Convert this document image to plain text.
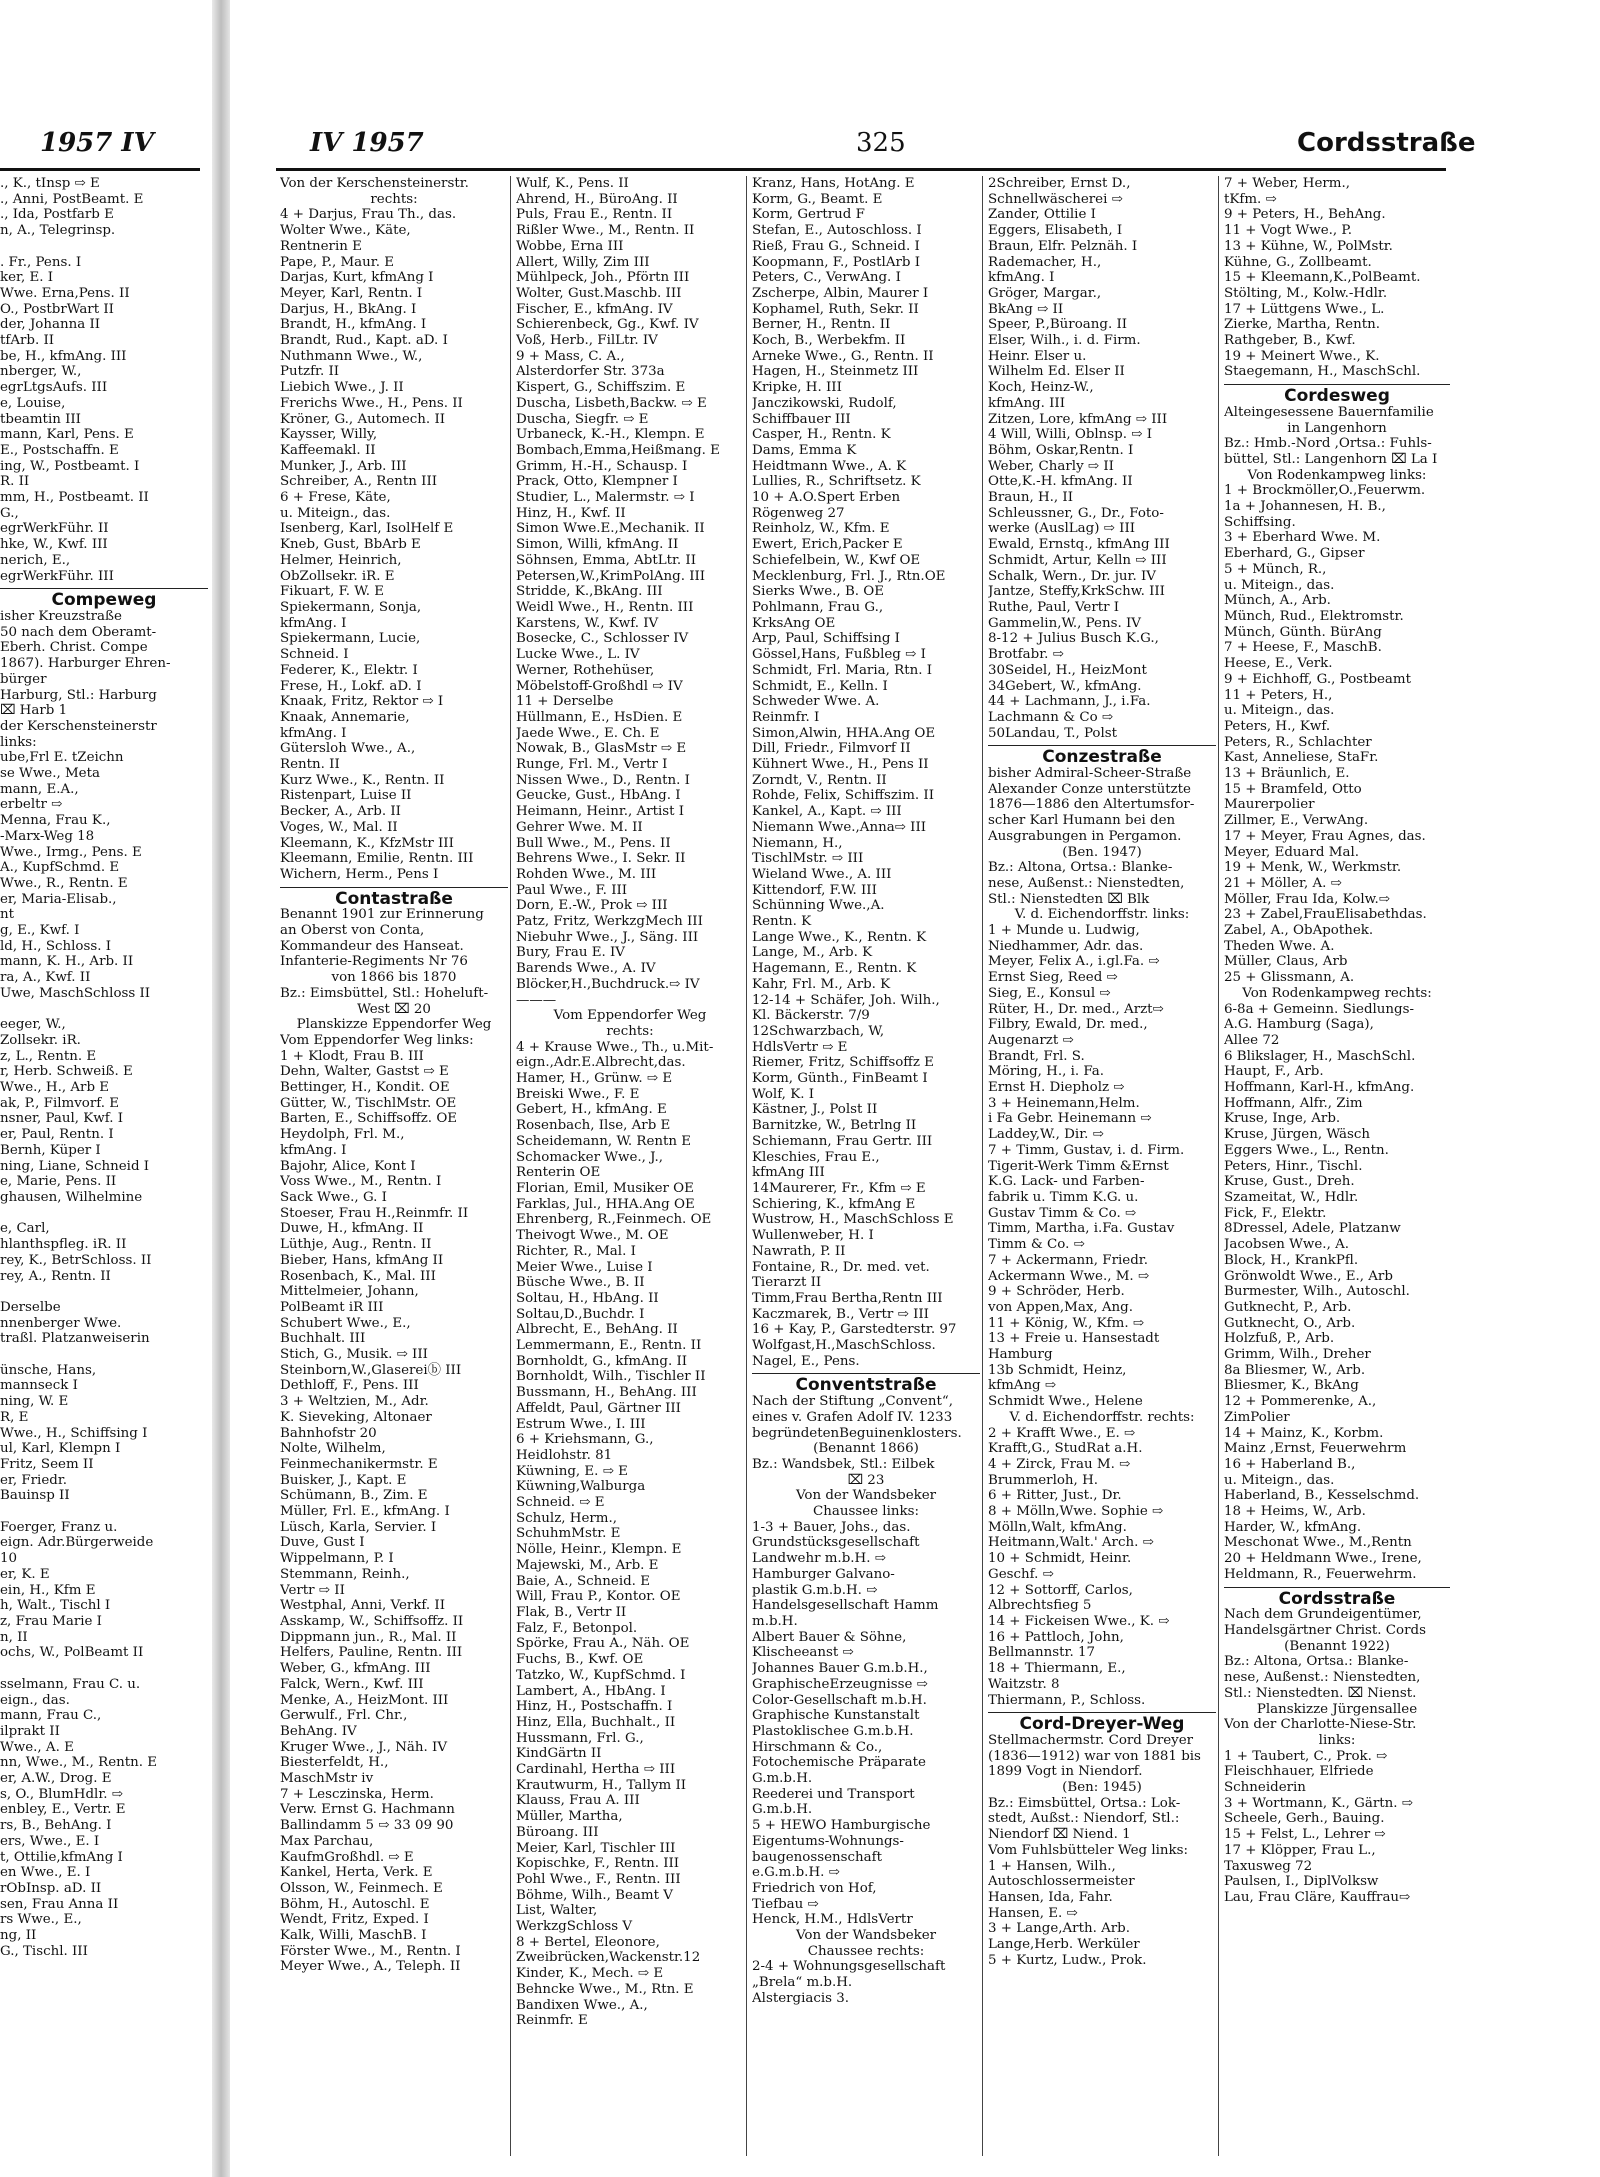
1957 IV
., K., tInsp ⇨ E
., Anni, PostBeamt. E
., Ida, Postfarb E
n, A., Telegrinsp.

. Fr., Pens. I
ker, E. I
Wwe. Erna,Pens. II
O., PostbrWart II
der, Johanna II
tfArb. II
be, H., kfmAng. III
nberger, W.,
egrLtgsAufs. III
e, Louise,
tbeamtin III
mann, Karl, Pens. E
E., Postschaffn. E
ing, W., Postbeamt. I
R. II
mm, H., Postbeamt. II
G.,
egrWerkFühr. II
hke, W., Kwf. III
nerich, E.,
egrWerkFühr. III
Compeweg
isher Kreuzstraße
50 nach dem Oberamt-
Eberh. Christ. Compe
1867). Harburger Ehren-
bürger
Harburg, Stl.: Harburg
⌧ Harb 1
der Kerschensteinerstr
links:
ube,Frl E. tZeichn
se Wwe., Meta
mann, E.A.,
erbeltr ⇨
Menna, Frau K.,
-Marx-Weg 18
Wwe., Irmg., Pens. E
A., KupfSchmd. E
Wwe., R., Rentn. E
er, Maria-Elisab.,
nt
g, E., Kwf. I
ld, H., Schloss. I
mann, K. H., Arb. II
ra, A., Kwf. II
Uwe, MaschSchloss II

eeger, W.,
Zollsekr. iR.
z, L., Rentn. E
r, Herb. Schweiß. E
Wwe., H., Arb E
ak, P., Filmvorf. E
nsner, Paul, Kwf. I
er, Paul, Rentn. I
Bernh, Küper I
ning, Liane, Schneid I
e, Marie, Pens. II
ghausen, Wilhelmine

e, Carl,
hlanthspfleg. iR. II
rey, K., BetrSchloss. II
rey, A., Rentn. II

Derselbe
nnenberger Wwe.
traßl. Platzanweiserin

ünsche, Hans,
mannseck I
ning, W. E
R, E
Wwe., H., Schiffsing I
ul, Karl, Klempn I
Fritz, Seem II
er, Friedr.
Bauinsp II

Foerger, Franz u.
eign. Adr.Bürgerweide
10
er, K. E
ein, H., Kfm E
h, Walt., Tischl I
z, Frau Marie I
n, II
ochs, W., PolBeamt II

sselmann, Frau C. u.
eign., das.
mann, Frau C.,
ilprakt II
Wwe., A. E
nn, Wwe., M., Rentn. E
er, A.W., Drog. E
s, O., BlumHdlr. ⇨
enbley, E., Vertr. E
rs, B., BehAng. I
ers, Wwe., E. I
t, Ottilie,kfmAng I
en Wwe., E. I
rObInsp. aD. II
sen, Frau Anna II
rs Wwe., E.,
ng, II
G., Tischl. III
IV 1957	325	Cordsstraße
Von der Kerschensteinerstr.
rechts:
4 + Darjus, Frau Th., das.
Wolter Wwe., Käte,
Rentnerin E
Pape, P., Maur. E
Darjas, Kurt, kfmAng I
Meyer, Karl, Rentn. I
Darjus, H., BkAng. I
Brandt, H., kfmAng. I
Brandt, Rud., Kapt. aD. I
Nuthmann Wwe., W.,
Putzfr. II
Liebich Wwe., J. II
Frerichs Wwe., H., Pens. II
Kröner, G., Automech. II
Kaysser, Willy,
Kaffeemakl. II
Munker, J., Arb. III
Schreiber, A., Rentn III
6 + Frese, Käte,
u. Miteign., das.
Isenberg, Karl, IsolHelf E
Kneb, Gust, BbArb E
Helmer, Heinrich,
ObZollsekr. iR. E
Fikuart, F. W. E
Spiekermann, Sonja,
kfmAng. I
Spiekermann, Lucie,
Schneid. I
Federer, K., Elektr. I
Frese, H., Lokf. aD. I
Knaak, Fritz, Rektor ⇨ I
Knaak, Annemarie,
kfmAng. I
Gütersloh Wwe., A.,
Rentn. II
Kurz Wwe., K., Rentn. II
Ristenpart, Luise II
Becker, A., Arb. II
Voges, W., Mal. II
Kleemann, K., KfzMstr III
Kleemann, Emilie, Rentn. III
Wichern, Herm., Pens I
Contastraße
Benannt 1901 zur Erinnerung
an Oberst von Conta,
Kommandeur des Hanseat.
Infanterie-Regiments Nr 76
von 1866 bis 1870
Bz.: Eimsbüttel, Stl.: Hoheluft-
West ⌧ 20
Planskizze Eppendorfer Weg
Vom Eppendorfer Weg links:
1 + Klodt, Frau B. III
Dehn, Walter, Gastst ⇨ E
Bettinger, H., Kondit. OE
Gütter, W., TischlMstr. OE
Barten, E., Schiffsoffz. OE
Heydolph, Frl. M.,
kfmAng. I
Bajohr, Alice, Kont I
Voss Wwe., M., Rentn. I
Sack Wwe., G. I
Stoeser, Frau H.,Reinmfr. II
Duwe, H., kfmAng. II
Lüthje, Aug., Rentn. II
Bieber, Hans, kfmAng II
Rosenbach, K., Mal. III
Mittelmeier, Johann,
PolBeamt iR III
Schubert Wwe., E.,
Buchhalt. III
Stich, G., Musik. ⇨ III
Steinborn,W.,Glasereiⓑ III
Dethloff, F., Pens. III
3 + Weltzien, M., Adr.
K. Sieveking, Altonaer
Bahnhofstr 20
Nolte, Wilhelm,
Feinmechanikermstr. E
Buisker, J., Kapt. E
Schümann, B., Zim. E
Müller, Frl. E., kfmAng. I
Lüsch, Karla, Servier. I
Duve, Gust I
Wippelmann, P. I
Stemmann, Reinh.,
Vertr ⇨ II
Westphal, Anni, Verkf. II
Asskamp, W., Schiffsoffz. II
Dippmann jun., R., Mal. II
Helfers, Pauline, Rentn. III
Weber, G., kfmAng. III
Falck, Wern., Kwf. III
Menke, A., HeizMont. III
Gerwulf., Frl. Chr.,
BehAng. IV
Kruger Wwe., J., Näh. IV
Biesterfeldt, H.,
MaschMstr iv
7 + Lesczinska, Herm.
Verw. Ernst G. Hachmann
Ballindamm 5 ⇨ 33 09 90
Max Parchau,
KaufmGroßhdl. ⇨ E
Kankel, Herta, Verk. E
Olsson, W., Feinmech. E
Böhm, H., Autoschl. E
Wendt, Fritz, Exped. I
Kalk, Willi, MaschB. I
Förster Wwe., M., Rentn. I
Meyer Wwe., A., Teleph. II
Wulf, K., Pens. II
Ahrend, H., BüroAng. II
Puls, Frau E., Rentn. II
Rißler Wwe., M., Rentn. II
Wobbe, Erna III
Allert, Willy, Zim III
Mühlpeck, Joh., Pförtn III
Wolter, Gust.Maschb. III
Fischer, E., kfmAng. IV
Schierenbeck, Gg., Kwf. IV
Voß, Herb., FilLtr. IV
9 + Mass, C. A.,
Alsterdorfer Str. 373a
Kispert, G., Schiffszim. E
Duscha, Lisbeth,Backw. ⇨ E
Duscha, Siegfr. ⇨ E
Urbaneck, K.-H., Klempn. E
Bombach,Emma,Heißmang. E
Grimm, H.-H., Schausp. I
Prack, Otto, Klempner I
Studier, L., Malermstr. ⇨ I
Hinz, H., Kwf. II
Simon Wwe.E.,Mechanik. II
Simon, Willi, kfmAng. II
Söhnsen, Emma, AbtLtr. II
Petersen,W.,KrimPolAng. III
Stridde, K.,BkAng. III
Weidl Wwe., H., Rentn. III
Karstens, W., Kwf. IV
Bosecke, C., Schlosser IV
Lucke Wwe., L. IV
Werner, Rothehüser,
Möbelstoff-Großhdl ⇨ IV
11 + Derselbe
Hüllmann, E., HsDien. E
Jaede Wwe., E. Ch. E
Nowak, B., GlasMstr ⇨ E
Runge, Frl. M., Vertr I
Nissen Wwe., D., Rentn. I
Geucke, Gust., HbAng. I
Heimann, Heinr., Artist I
Gehrer Wwe. M. II
Bull Wwe., M., Pens. II
Behrens Wwe., I. Sekr. II
Rohden Wwe., M. III
Paul Wwe., F. III
Dorn, E.-W., Prok ⇨ III
Patz, Fritz, WerkzgMech III
Niebuhr Wwe., J., Säng. III
Bury, Frau E. IV
Barends Wwe., A. IV
Blöcker,H.,Buchdruck.⇨ IV
———
Vom Eppendorfer Weg
rechts:
4 + Krause Wwe., Th., u.Mit-
eign.,Adr.E.Albrecht,das.
Hamer, H., Grünw. ⇨ E
Breiski Wwe., F. E
Gebert, H., kfmAng. E
Rosenbach, Ilse, Arb E
Scheidemann, W. Rentn E
Schomacker Wwe., J.,
Renterin OE
Florian, Emil, Musiker OE
Farklas, Jul., HHA.Ang OE
Ehrenberg, R.,Feinmech. OE
Theivogt Wwe., M. OE
Richter, R., Mal. I
Meier Wwe., Luise I
Büsche Wwe., B. II
Soltau, H., HbAng. II
Soltau,D.,Buchdr. I
Albrecht, E., BehAng. II
Lemmermann, E., Rentn. II
Bornholdt, G., kfmAng. II
Bornholdt, Wilh., Tischler II
Bussmann, H., BehAng. III
Affeldt, Paul, Gärtner III
Estrum Wwe., I. III
6 + Kriehsmann, G.,
Heidlohstr. 81
Küwning, E. ⇨ E
Küwning,Walburga
Schneid. ⇨ E
Schulz, Herm.,
SchuhmMstr. E
Nölle, Heinr., Klempn. E
Majewski, M., Arb. E
Baie, A., Schneid. E
Will, Frau P., Kontor. OE
Flak, B., Vertr II
Falz, F., Betonpol.
Spörke, Frau A., Näh. OE
Fuchs, B., Kwf. OE
Tatzko, W., KupfSchmd. I
Lambert, A., HbAng. I
Hinz, H., Postschaffn. I
Hinz, Ella, Buchhalt., II
Hussmann, Frl. G.,
KindGärtn II
Cardinahl, Hertha ⇨ III
Krautwurm, H., Tallym II
Klauss, Frau A. III
Müller, Martha,
Büroang. III
Meier, Karl, Tischler III
Kopischke, F., Rentn. III
Pohl Wwe., F., Rentn. III
Böhme, Wilh., Beamt V
List, Walter,
WerkzgSchloss V
8 + Bertel, Eleonore,
Zweibrücken,Wackenstr.12
Kinder, K., Mech. ⇨ E
Behncke Wwe., M., Rtn. E
Bandixen Wwe., A.,
Reinmfr. E
Kranz, Hans, HotAng. E
Korm, G., Beamt. E
Korm, Gertrud F
Stefan, E., Autoschloss. I
Rieß, Frau G., Schneid. I
Koopmann, F., PostlArb I
Peters, C., VerwAng. I
Zscherpe, Albin, Maurer I
Kophamel, Ruth, Sekr. II
Berner, H., Rentn. II
Koch, B., Werbekfm. II
Arneke Wwe., G., Rentn. II
Hagen, H., Steinmetz III
Kripke, H. III
Janczikowski, Rudolf,
Schiffbauer III
Casper, H., Rentn. K
Dams, Emma K
Heidtmann Wwe., A. K
Lullies, R., Schriftsetz. K
10 + A.O.Spert Erben
Rögenweg 27
Reinholz, W., Kfm. E
Ewert, Erich,Packer E
Schiefelbein, W., Kwf OE
Mecklenburg, Frl. J., Rtn.OE
Sierks Wwe., B. OE
Pohlmann, Frau G.,
KrksAng OE
Arp, Paul, Schiffsing I
Gössel,Hans, Fußbleg ⇨ I
Schmidt, Frl. Maria, Rtn. I
Schmidt, E., Kelln. I
Schweder Wwe. A.
Reinmfr. I
Simon,Alwin, HHA.Ang OE
Dill, Friedr., Filmvorf II
Kühnert Wwe., H., Pens II
Zorndt, V., Rentn. II
Rohde, Felix, Schiffszim. II
Kankel, A., Kapt. ⇨ III
Niemann Wwe.,Anna⇨ III
Niemann, H.,
TischlMstr. ⇨ III
Wieland Wwe., A. III
Kittendorf, F.W. III
Schünning Wwe.,A.
Rentn. K
Lange Wwe., K., Rentn. K
Lange, M., Arb. K
Hagemann, E., Rentn. K
Kahr, Frl. M., Arb. K
12-14 + Schäfer, Joh. Wilh.,
Kl. Bäckerstr. 7/9
12Schwarzbach, W,
HdlsVertr ⇨ E
Riemer, Fritz, Schiffsoffz E
Korm, Günth., FinBeamt I
Wolf, K. I
Kästner, J., Polst II
Barnitzke, W., Betrlng II
Schiemann, Frau Gertr. III
Kleschies, Frau E.,
kfmAng III
14Maurerer, Fr., Kfm ⇨ E
Schiering, K., kfmAng E
Wustrow, H., MaschSchloss E
Wullenweber, H. I
Nawrath, P. II
Fontaine, R., Dr. med. vet.
Tierarzt II
Timm,Frau Bertha,Rentn III
Kaczmarek, B., Vertr ⇨ III
16 + Kay, P., Garstedterstr. 97
Wolfgast,H.,MaschSchloss.
Nagel, E., Pens.
Conventstraße
Nach der Stiftung „Convent“,
eines v. Grafen Adolf IV. 1233
begründetenBeguinenklosters.
(Benannt 1866)
Bz.: Wandsbek, Stl.: Eilbek
⌧ 23
Von der Wandsbeker
Chaussee links:
1-3 + Bauer, Johs., das.
Grundstücksgesellschaft
Landwehr m.b.H. ⇨
Hamburger Galvano-
plastik G.m.b.H. ⇨
Handelsgesellschaft Hamm
m.b.H.
Albert Bauer & Söhne,
Klischeeanst ⇨
Johannes Bauer G.m.b.H.,
GraphischeErzeugnisse ⇨
Color-Gesellschaft m.b.H.
Graphische Kunstanstalt
Plastoklischee G.m.b.H.
Hirschmann & Co.,
Fotochemische Präparate
G.m.b.H.
Reederei und Transport
G.m.b.H.
5 + HEWO Hamburgische
Eigentums-Wohnungs-
baugenossenschaft
e.G.m.b.H. ⇨
Friedrich von Hof,
Tiefbau ⇨
Henck, H.M., HdlsVertr
Von der Wandsbeker
Chaussee rechts:
2-4 + Wohnungsgesellschaft
„Brela“ m.b.H.
Alstergiacis 3.
2Schreiber, Ernst D.,
Schnellwäscherei ⇨
Zander, Ottilie I
Eggers, Elisabeth, I
Braun, Elfr. Pelznäh. I
Rademacher, H.,
kfmAng. I
Gröger, Margar.,
BkAng ⇨ II
Speer, P.,Büroang. II
Elser, Wilh., i. d. Firm.
Heinr. Elser u.
Wilhelm Ed. Elser II
Koch, Heinz-W.,
kfmAng. III
Zitzen, Lore, kfmAng ⇨ III
4 Will, Willi, Oblnsp. ⇨ I
Böhm, Oskar,Rentn. I
Weber, Charly ⇨ II
Otte,K.-H. kfmAng. II
Braun, H., II
Schleussner, G., Dr., Foto-
werke (AuslLag) ⇨ III
Ewald, Ernstq., kfmAng III
Schmidt, Artur, Kelln ⇨ III
Schalk, Wern., Dr. jur. IV
Jantze, Steffy,KrkSchw. III
Ruthe, Paul, Vertr I
Gammelin,W., Pens. IV
8-12 + Julius Busch K.G.,
Brotfabr. ⇨
30Seidel, H., HeizMont
34Gebert, W., kfmAng.
44 + Lachmann, J., i.Fa.
Lachmann & Co ⇨
50Landau, T., Polst
Conzestraße
bisher Admiral-Scheer-Straße
Alexander Conze unterstützte
1876—1886 den Altertumsfor-
scher Karl Humann bei den
Ausgrabungen in Pergamon.
(Ben. 1947)
Bz.: Altona, Ortsa.: Blanke-
nese, Außenst.: Nienstedten,
Stl.: Nienstedten ⌧ Blk
V. d. Eichendorffstr. links:
1 + Munde u. Ludwig,
Niedhammer, Adr. das.
Meyer, Felix A., i.gl.Fa. ⇨
Ernst Sieg, Reed ⇨
Sieg, E., Konsul ⇨
Rüter, H., Dr. med., Arzt⇨
Filbry, Ewald, Dr. med.,
Augenarzt ⇨
Brandt, Frl. S.
Möring, H., i. Fa.
Ernst H. Diepholz ⇨
3 + Heinemann,Helm.
i Fa Gebr. Heinemann ⇨
Laddey,W., Dir. ⇨
7 + Timm, Gustav, i. d. Firm.
Tigerit-Werk Timm &Ernst
K.G. Lack- und Farben-
fabrik u. Timm K.G. u.
Gustav Timm & Co. ⇨
Timm, Martha, i.Fa. Gustav
Timm & Co. ⇨
7 + Ackermann, Friedr.
Ackermann Wwe., M. ⇨
9 + Schröder, Herb.
von Appen,Max, Ang.
11 + König, W., Kfm. ⇨
13 + Freie u. Hansestadt
Hamburg
13b Schmidt, Heinz,
kfmAng ⇨
Schmidt Wwe., Helene
V. d. Eichendorffstr. rechts:
2 + Krafft Wwe., E. ⇨
Krafft,G., StudRat a.H.
4 + Zirck, Frau M. ⇨
Brummerloh, H.
6 + Ritter, Just., Dr.
8 + Mölln,Wwe. Sophie ⇨
Mölln,Walt, kfmAng.
Heitmann,Walt.' Arch. ⇨
10 + Schmidt, Heinr.
Geschf. ⇨
12 + Sottorff, Carlos,
Albrechtsfieg 5
14 + Fickeisen Wwe., K. ⇨
16 + Pattloch, John,
Bellmannstr. 17
18 + Thiermann, E.,
Waitzstr. 8
Thiermann, P., Schloss.
Cord-Dreyer-Weg
Stellmachermstr. Cord Dreyer
(1836—1912) war von 1881 bis
1899 Vogt in Niendorf.
(Ben: 1945)
Bz.: Eimsbüttel, Ortsa.: Lok-
stedt, Außst.: Niendorf, Stl.:
Niendorf ⌧ Niend. 1
Vom Fuhlsbütteler Weg links:
1 + Hansen, Wilh.,
Autoschlossermeister
Hansen, Ida, Fahr.
Hansen, E. ⇨
3 + Lange,Arth. Arb.
Lange,Herb. Werküler
5 + Kurtz, Ludw., Prok.
7 + Weber, Herm.,
tKfm. ⇨
9 + Peters, H., BehAng.
11 + Vogt Wwe., P.
13 + Kühne, W., PolMstr.
Kühne, G., Zollbeamt.
15 + Kleemann,K.,PolBeamt.
Stölting, M., Kolw.-Hdlr.
17 + Lüttgens Wwe., L.
Zierke, Martha, Rentn.
Rathgeber, B., Kwf.
19 + Meinert Wwe., K.
Staegemann, H., MaschSchl.
Cordesweg
Alteingesessene Bauernfamilie
in Langenhorn
Bz.: Hmb.-Nord ,Ortsa.: Fuhls-
büttel, Stl.: Langenhorn ⌧ La I
Von Rodenkampweg links:
1 + Brockmöller,O.,Feuerwm.
1a + Johannesen, H. B.,
Schiffsing.
3 + Eberhard Wwe. M.
Eberhard, G., Gipser
5 + Münch, R.,
u. Miteign., das.
Münch, A., Arb.
Münch, Rud., Elektromstr.
Münch, Günth. BürAng
7 + Heese, F., MaschB.
Heese, E., Verk.
9 + Eichhoff, G., Postbeamt
11 + Peters, H.,
u. Miteign., das.
Peters, H., Kwf.
Peters, R., Schlachter
Kast, Anneliese, StaFr.
13 + Bräunlich, E.
15 + Bramfeld, Otto
Maurerpolier
Zillmer, E., VerwAng.
17 + Meyer, Frau Agnes, das.
Meyer, Eduard Mal.
19 + Menk, W., Werkmstr.
21 + Möller, A. ⇨
Möller, Frau Ida, Kolw.⇨
23 + Zabel,FrauElisabethdas.
Zabel, A., ObApothek.
Theden Wwe. A.
Müller, Claus, Arb
25 + Glissmann, A.
Von Rodenkampweg rechts:
6-8a + Gemeinn. Siedlungs-
A.G. Hamburg (Saga),
Allee 72
6 Blikslager, H., MaschSchl.
Haupt, F., Arb.
Hoffmann, Karl-H., kfmAng.
Hoffmann, Alfr., Zim
Kruse, Inge, Arb.
Kruse, Jürgen, Wäsch
Eggers Wwe., L., Rentn.
Peters, Hinr., Tischl.
Kruse, Gust., Dreh.
Szameitat, W., Hdlr.
Fick, F., Elektr.
8Dressel, Adele, Platzanw
Jacobsen Wwe., A.
Block, H., KrankPfl.
Grönwoldt Wwe., E., Arb
Burmester, Wilh., Autoschl.
Gutknecht, P., Arb.
Gutknecht, O., Arb.
Holzfuß, P., Arb.
Grimm, Wilh., Dreher
8a Bliesmer, W., Arb.
Bliesmer, K., BkAng
12 + Pommerenke, A.,
ZimPolier
14 + Mainz, K., Korbm.
Mainz ,Ernst, Feuerwehrm
16 + Haberland B.,
u. Miteign., das.
Haberland, B., Kesselschmd.
18 + Heims, W., Arb.
Harder, W., kfmAng.
Meschonat Wwe., M.,Rentn
20 + Heldmann Wwe., Irene,
Heldmann, R., Feuerwehrm.
Cordsstraße
Nach dem Grundeigentümer,
Handelsgärtner Christ. Cords
(Benannt 1922)
Bz.: Altona, Ortsa.: Blanke-
nese, Außenst.: Nienstedten,
Stl.: Nienstedten. ⌧ Nienst.
Planskizze Jürgensallee
Von der Charlotte-Niese-Str.
links:
1 + Taubert, C., Prok. ⇨
Fleischhauer, Elfriede
Schneiderin
3 + Wortmann, K., Gärtn. ⇨
Scheele, Gerh., Bauing.
15 + Felst, L., Lehrer ⇨
17 + Klöpper, Frau L.,
Taxusweg 72
Paulsen, I., DiplVolksw
Lau, Frau Cläre, Kauffrau⇨
